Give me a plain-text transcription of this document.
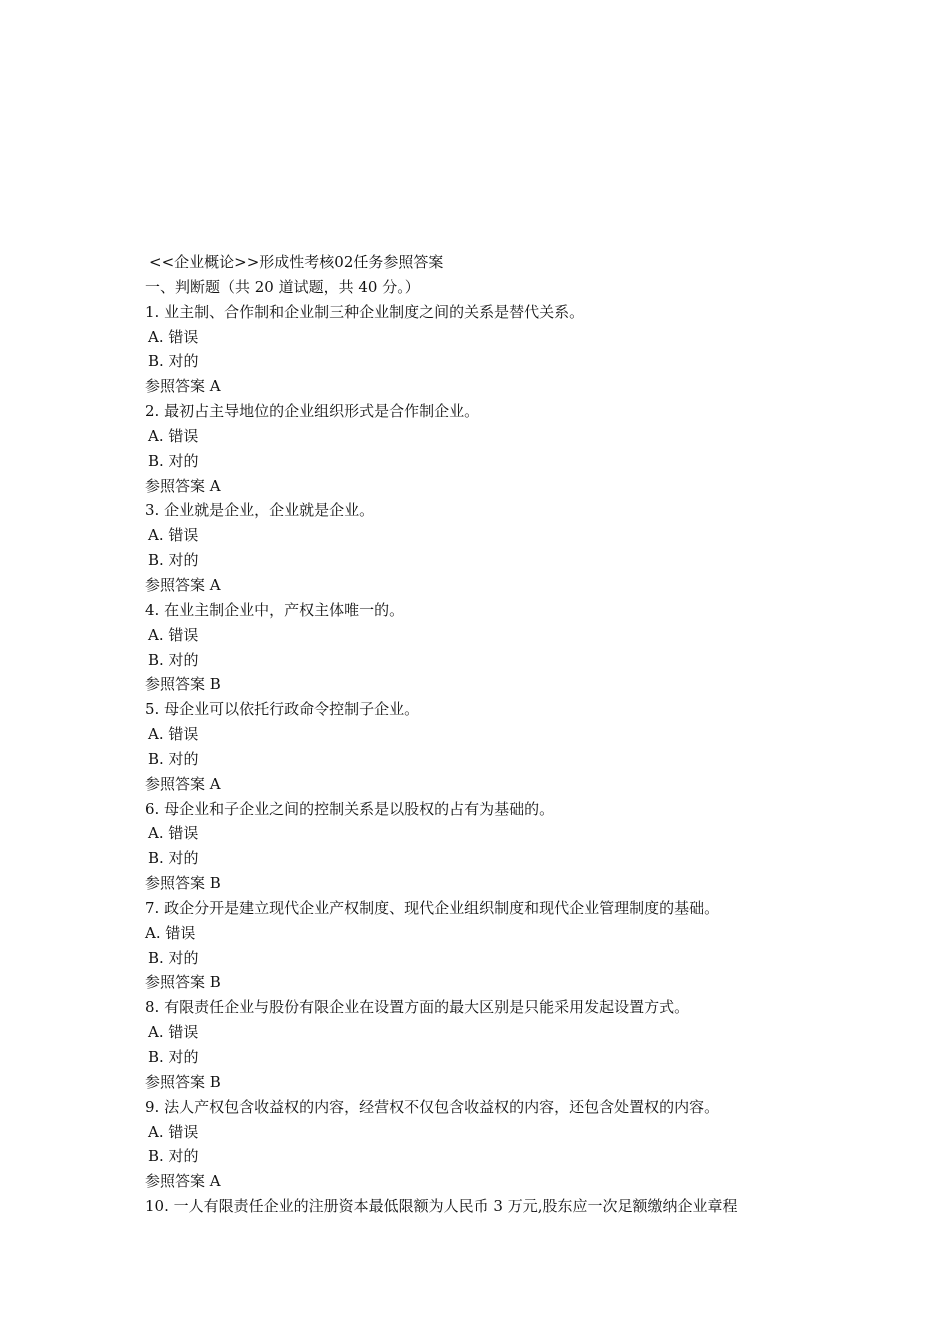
<<企业概论>>形成性考核02任务参照答案
一、判断题（共 20 道试题，共 40 分。）
1. 业主制、合作制和企业制三种企业制度之间的关系是替代关系。
A. 错误
B. 对的
参照答案 A
2. 最初占主导地位的企业组织形式是合作制企业。
A. 错误
B. 对的
参照答案 A
3. 企业就是企业，企业就是企业。
A. 错误
B. 对的
参照答案 A
4. 在业主制企业中，产权主体唯一的。
A. 错误
B. 对的
参照答案 B
5. 母企业可以依托行政命令控制子企业。
A. 错误
B. 对的
参照答案 A
6. 母企业和子企业之间的控制关系是以股权的占有为基础的。
A. 错误
B. 对的
参照答案 B
7. 政企分开是建立现代企业产权制度、现代企业组织制度和现代企业管理制度的基础。
A. 错误
B. 对的
参照答案 B
8. 有限责任企业与股份有限企业在设置方面的最大区别是只能采用发起设置方式。
A. 错误
B. 对的
参照答案 B
9. 法人产权包含收益权的内容，经营权不仅包含收益权的内容，还包含处置权的内容。
A. 错误
B. 对的
参照答案 A
10. 一人有限责任企业的注册资本最低限额为人民币 3 万元,股东应一次足额缴纳企业章程
